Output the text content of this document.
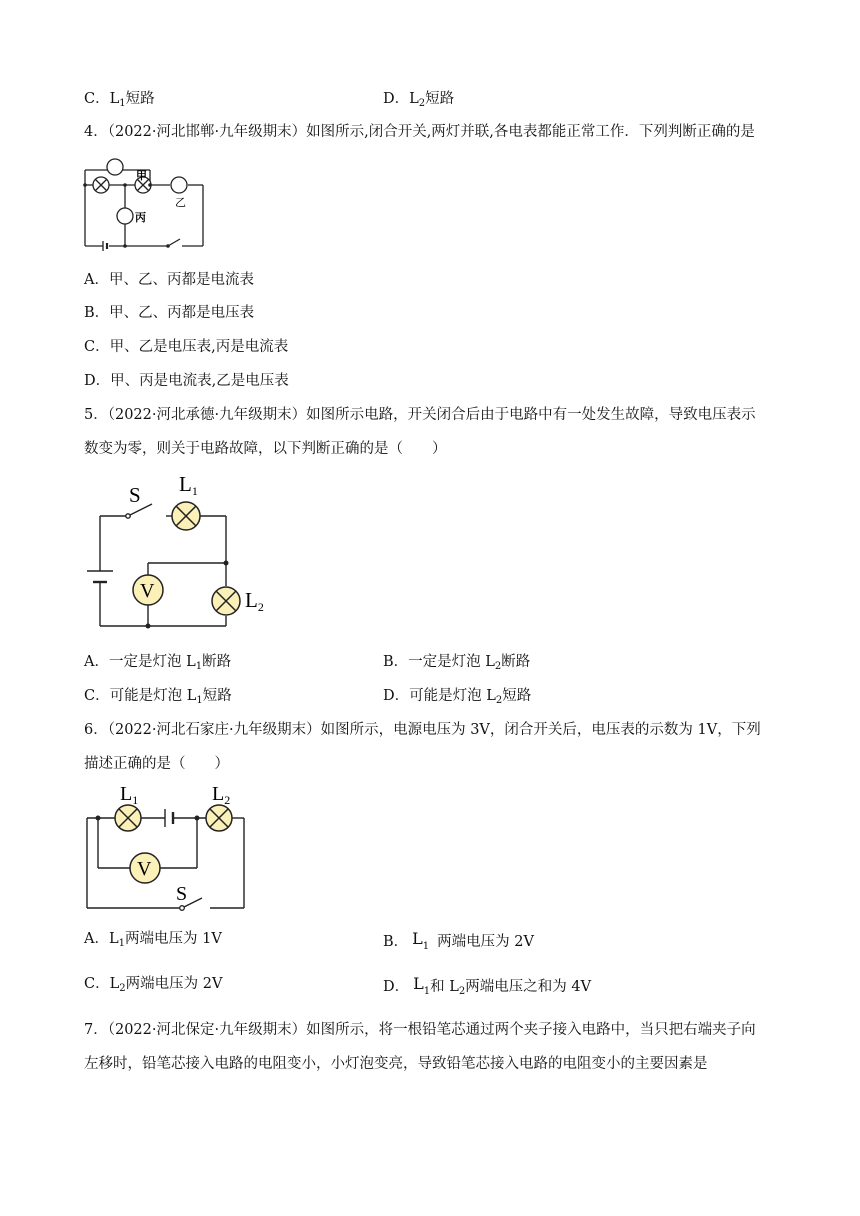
C．$L_1$短路	D．$L_2$短路
4．（2022·河北邯郸·九年级期末）如图所示,闭合开关,两灯并联,各电表都能正常工作．下列判断正确的是
甲
乙
丙
A．甲、乙、丙都是电流表
B．甲、乙、丙都是电压表
C．甲、乙是电压表,丙是电流表
D．甲、丙是电流表,乙是电压表
5．（2022·河北承德·九年级期末）如图所示电路，开关闭合后由于电路中有一处发生故障，导致电压表示
数变为零，则关于电路故障，以下判断正确的是（　　）
V
S L1
L2
A．一定是灯泡 $L_1$断路	B．一定是灯泡 $L_2$断路
C．可能是灯泡 $L_1$短路	D．可能是灯泡 $L_2$短路
6．（2022·河北石家庄·九年级期末）如图所示，电源电压为 3V，闭合开关后，电压表的示数为 1V，下列
描述正确的是（　　）
V
$L_1$	$L_2$
S
A．$L_1$两端电压为 1V	B． $L_1$ 两端电压为 2V
C．$L_2$两端电压为 2V	D． $L_1$和 $L_2$两端电压之和为 4V
7．（2022·河北保定·九年级期末）如图所示，将一根铅笔芯通过两个夹子接入电路中，当只把右端夹子向
左移时，铅笔芯接入电路的电阻变小，小灯泡变亮，导致铅笔芯接入电路的电阻变小的主要因素是
